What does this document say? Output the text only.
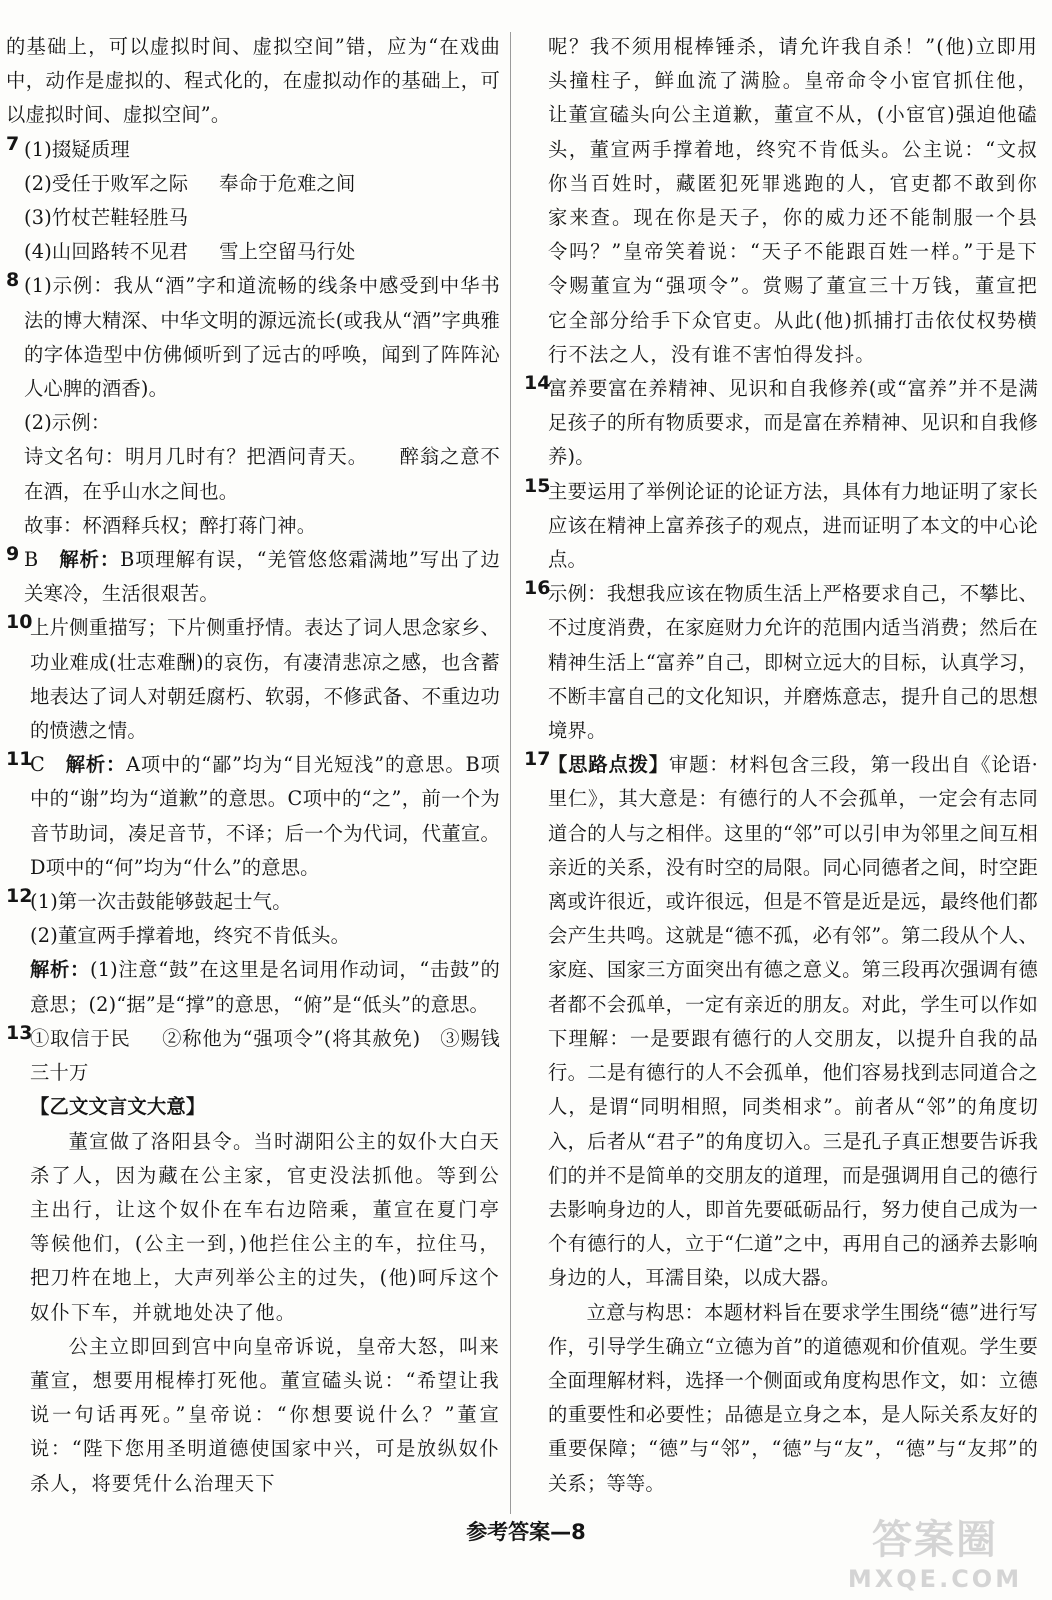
的基础上，可以虚拟时间、虚拟空间”错，应为“在戏曲中，动作是虚拟的、程式化的，在虚拟动作的基础上，可以虚拟时间、虚拟空间”。

7 (1)掇疑质理

(2)受任于败军之际 奉命于危难之间

(3)竹杖芒鞋轻胜马

(4)山回路转不见君 雪上空留马行处

8 (1)示例：我从“酒”字和道流畅的线条中感受到中华书法的博大精深、中华文明的源远流长(或我从“酒”字典雅的字体造型中仿佛倾听到了远古的呼唤，闻到了阵阵沁人心脾的酒香)。

(2)示例：

诗文名句：明月几时有？把酒问青天。 醉翁之意不在酒，在乎山水之间也。

故事：杯酒释兵权；醉打蒋门神。

9 B　 解析：B项理解有误，“羌管悠悠霜满地”写出了边关寒冷，生活很艰苦。

10

上片侧重描写；下片侧重抒情。表达了词人思念家乡、功业难成(壮志难酬)的哀伤，有凄清悲凉之感，也含蓄地表达了词人对朝廷腐朽、软弱，不修武备、不重边功的愤懑之情。

11

C　 解析：A项中的“鄙”均为“目光短浅”的意思。B项中的“谢”均为“道歉”的意思。C项中的“之”，前一个为音节助词，凑足音节，不译；后一个为代词，代董宣。D项中的“何”均为“什么”的意思。

12

(1)第一次击鼓能够鼓起士气。

(2)董宣两手撑着地，终究不肯低头。

解析：(1)注意“鼓”在这里是名词用作动词，“击鼓”的意思；(2)“据”是“撑”的意思，“俯”是“低头”的意思。

13

①取信于民 ②称他为“强项令”(将其赦免) ③赐钱三十万

【乙文文言文大意】

董宣做了洛阳县令。当时湖阳公主的奴仆大白天杀了人，因为藏在公主家，官吏没法抓他。等到公主出行，让这个奴仆在车右边陪乘，董宣在夏门亭等候他们，(公主一到，)他拦住公主的车，拉住马，把刀杵在地上，大声列举公主的过失，(他)呵斥这个奴仆下车，并就地处决了他。

公主立即回到宫中向皇帝诉说，皇帝大怒，叫来董宣，想要用棍棒打死他。董宣磕头说：“希望让我说一句话再死。”皇帝说：“你想要说什么？”董宣说：“陛下您用圣明道德使国家中兴，可是放纵奴仆杀人，将要凭什么治理天下

呢？我不须用棍棒锤杀，请允许我自杀！”(他)立即用头撞柱子，鲜血流了满脸。皇帝命令小宦官抓住他，让董宣磕头向公主道歉，董宣不从，(小宦官)强迫他磕头，董宣两手撑着地，终究不肯低头。公主说：“文叔你当百姓时，藏匿犯死罪逃跑的人，官吏都不敢到你家来查。现在你是天子，你的威力还不能制服一个县令吗？”皇帝笑着说：“天子不能跟百姓一样。”于是下令赐董宣为“强项令”。赏赐了董宣三十万钱，董宣把它全部分给手下众官吏。从此(他)抓捕打击依仗权势横行不法之人，没有谁不害怕得发抖。

14

富养要富在养精神、见识和自我修养(或“富养”并不是满足孩子的所有物质要求，而是富在养精神、见识和自我修养)。

15

主要运用了举例论证的论证方法，具体有力地证明了家长应该在精神上富养孩子的观点，进而证明了本文的中心论点。

16

示例：我想我应该在物质生活上严格要求自己，不攀比、不过度消费，在家庭财力允许的范围内适当消费；然后在精神生活上“富养”自己，即树立远大的目标，认真学习，不断丰富自己的文化知识，并磨炼意志，提升自己的思想境界。

17

【思路点拨】审题：材料包含三段，第一段出自《论语·里仁》，其大意是：有德行的人不会孤单，一定会有志同道合的人与之相伴。这里的“邻”可以引申为邻里之间互相亲近的关系，没有时空的局限。同心同德者之间，时空距离或许很近，或许很远，但是不管是近是远，最终他们都会产生共鸣。这就是“德不孤，必有邻”。第二段从个人、家庭、国家三方面突出有德之意义。第三段再次强调有德者都不会孤单，一定有亲近的朋友。对此，学生可以作如下理解：一是要跟有德行的人交朋友，以提升自我的品行。二是有德行的人不会孤单，他们容易找到志同道合之人，是谓“同明相照，同类相求”。前者从“邻”的角度切入，后者从“君子”的角度切入。三是孔子真正想要告诉我们的并不是简单的交朋友的道理，而是强调用自己的德行去影响身边的人，即首先要砥砺品行，努力使自己成为一个有德行的人，立于“仁道”之中，再用自己的涵养去影响身边的人，耳濡目染，以成大器。

立意与构思：本题材料旨在要求学生围绕“德”进行写作，引导学生确立“立德为首”的道德观和价值观。学生要全面理解材料，选择一个侧面或角度构思作文，如：立德的重要性和必要性；品德是立身之本，是人际关系友好的重要保障；“德”与“邻”，“德”与“友”，“德”与“友邦”的关系；等等。

参考答案—8	答案圈
MXQE.COM
